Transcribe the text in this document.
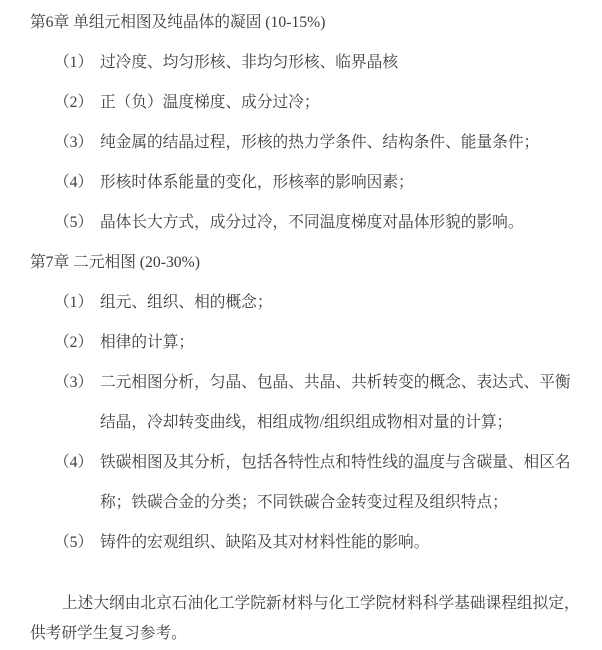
第6章 单组元相图及纯晶体的凝固 (10-15%)
（1） 过冷度、均匀形核、非均匀形核、临界晶核
（2） 正（负）温度梯度、成分过冷；
（3） 纯金属的结晶过程，形核的热力学条件、结构条件、能量条件；
（4） 形核时体系能量的变化，形核率的影响因素；
（5） 晶体长大方式，成分过冷，不同温度梯度对晶体形貌的影响。
第7章 二元相图 (20-30%)
（1） 组元、组织、相的概念；
（2） 相律的计算；
（3） 二元相图分析，匀晶、包晶、共晶、共析转变的概念、表达式、平衡
结晶，冷却转变曲线，相组成物/组织组成物相对量的计算；
（4） 铁碳相图及其分析，包括各特性点和特性线的温度与含碳量、相区名
称；铁碳合金的分类；不同铁碳合金转变过程及组织特点；
（5） 铸件的宏观组织、缺陷及其对材料性能的影响。
上述大纲由北京石油化工学院新材料与化工学院材料科学基础课程组拟定，
供考研学生复习参考。
